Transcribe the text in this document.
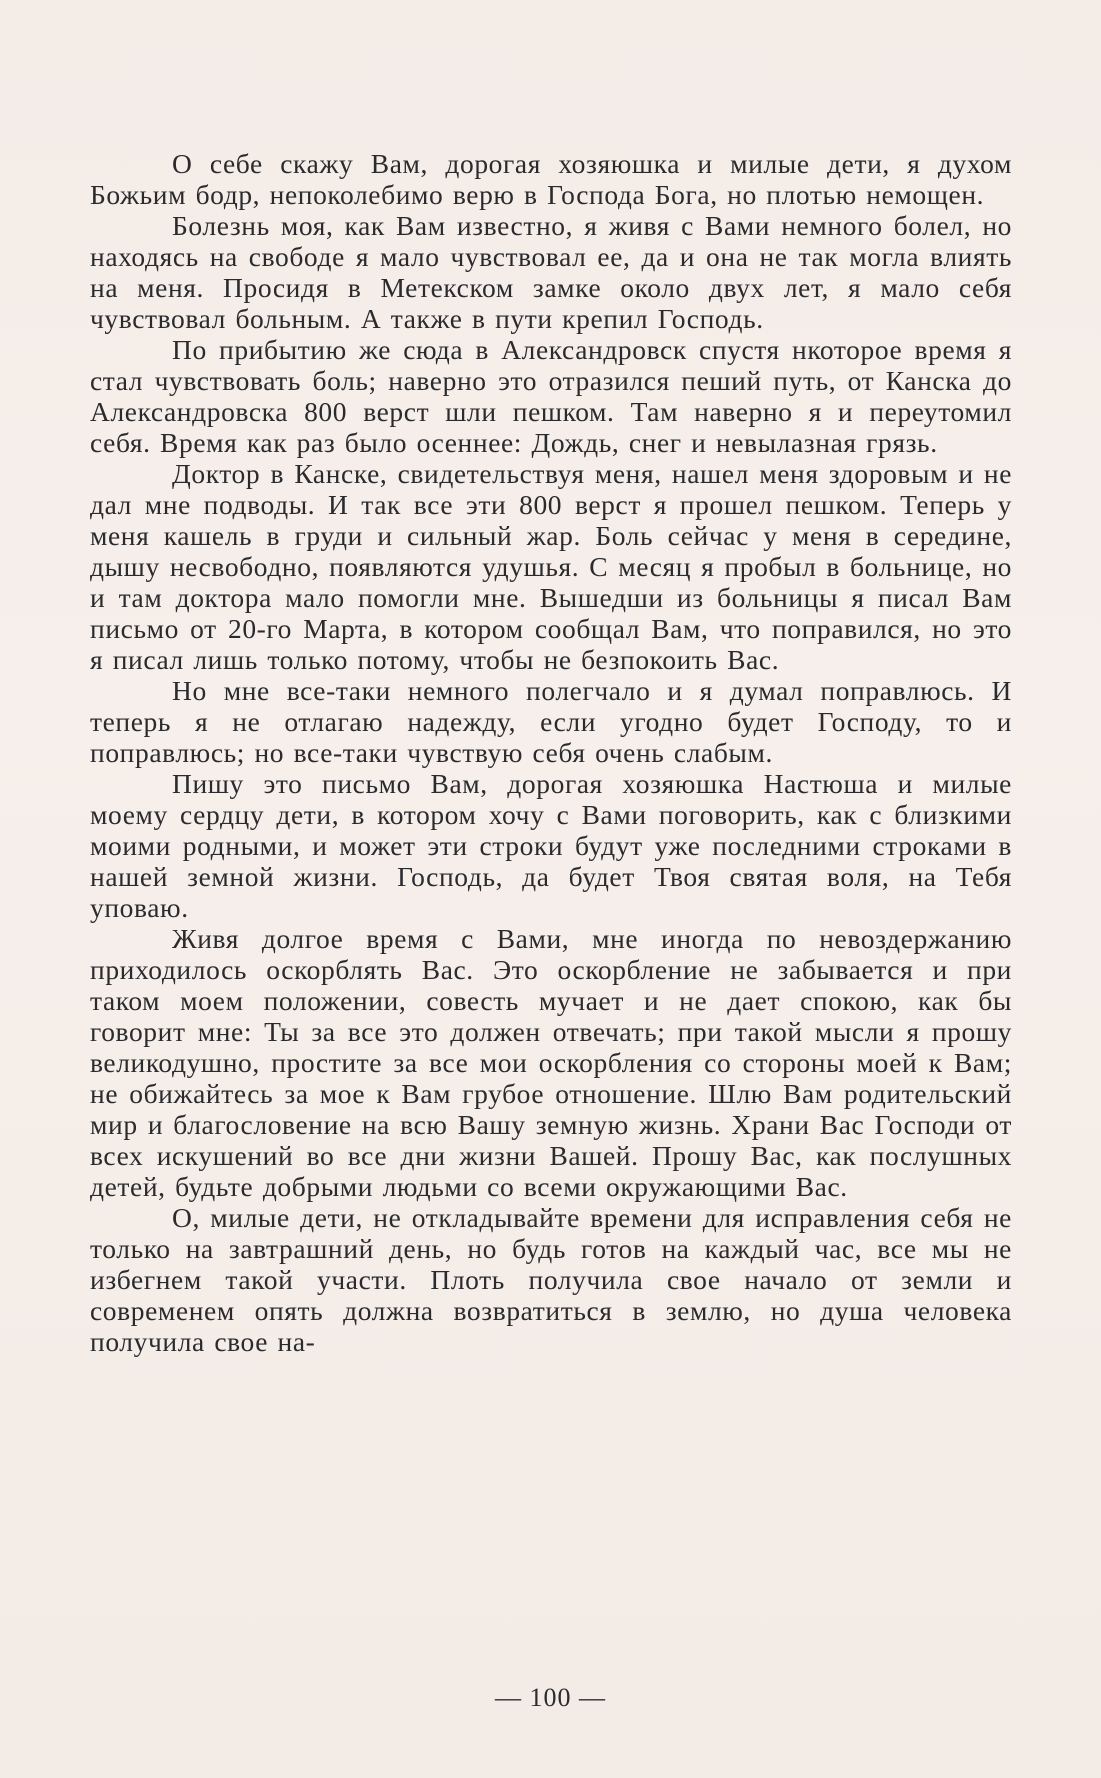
О себе скажу Вам, дорогая хозяюшка и милые дети, я духом Божьим бодр, непоколебимо верю в Господа Бога, но плотью немощен.

Болезнь моя, как Вам известно, я живя с Вами немного болел, но находясь на свободе я мало чувствовал ее, да и она не так могла влиять на меня. Просидя в Метекском замке около двух лет, я мало себя чувствовал больным. А также в пути крепил Господь.

По прибытию же сюда в Александровск спустя нкоторое время я стал чувствовать боль; наверно это отразился пеший путь, от Канска до Александровска 800 верст шли пешком. Там наверно я и переутомил себя. Время как раз было осеннее: Дождь, снег и невылазная грязь.

Доктор в Канске, свидетельствуя меня, нашел меня здоровым и не дал мне подводы. И так все эти 800 верст я прошел пешком. Теперь у меня кашель в груди и сильный жар. Боль сейчас у меня в середине, дышу несвободно, появляются удушья. С месяц я пробыл в больнице, но и там доктора мало помогли мне. Вышедши из больницы я писал Вам письмо от 20-го Марта, в котором сообщал Вам, что поправился, но это я писал лишь только потому, чтобы не безпокоить Вас.

Но мне все-таки немного полегчало и я думал поправлюсь. И теперь я не отлагаю надежду, если угодно будет Господу, то и поправлюсь; но все-таки чувствую себя очень слабым.

Пишу это письмо Вам, дорогая хозяюшка Настюша и милые моему сердцу дети, в котором хочу с Вами поговорить, как с близкими моими родными, и может эти строки будут уже последними строками в нашей земной жизни. Господь, да будет Твоя святая воля, на Тебя уповаю.

Живя долгое время с Вами, мне иногда по невоздержанию приходилось оскорблять Вас. Это оскорбление не забывается и при таком моем положении, совесть мучает и не дает спокою, как бы говорит мне: Ты за все это должен отвечать; при такой мысли я прошу великодушно, простите за все мои оскорбления со стороны моей к Вам; не обижайтесь за мое к Вам грубое отношение. Шлю Вам родительский мир и благословение на всю Вашу земную жизнь. Храни Вас Господи от всех искушений во все дни жизни Вашей. Прошу Вас, как послушных детей, будьте добрыми людьми со всеми окружающими Вас.

О, милые дети, не откладывайте времени для исправления себя не только на завтрашний день, но будь готов на каждый час, все мы не избегнем такой участи. Плоть получила свое начало от земли и современем опять должна возвратиться в землю, но душа человека получила свое на-

— 100 —
